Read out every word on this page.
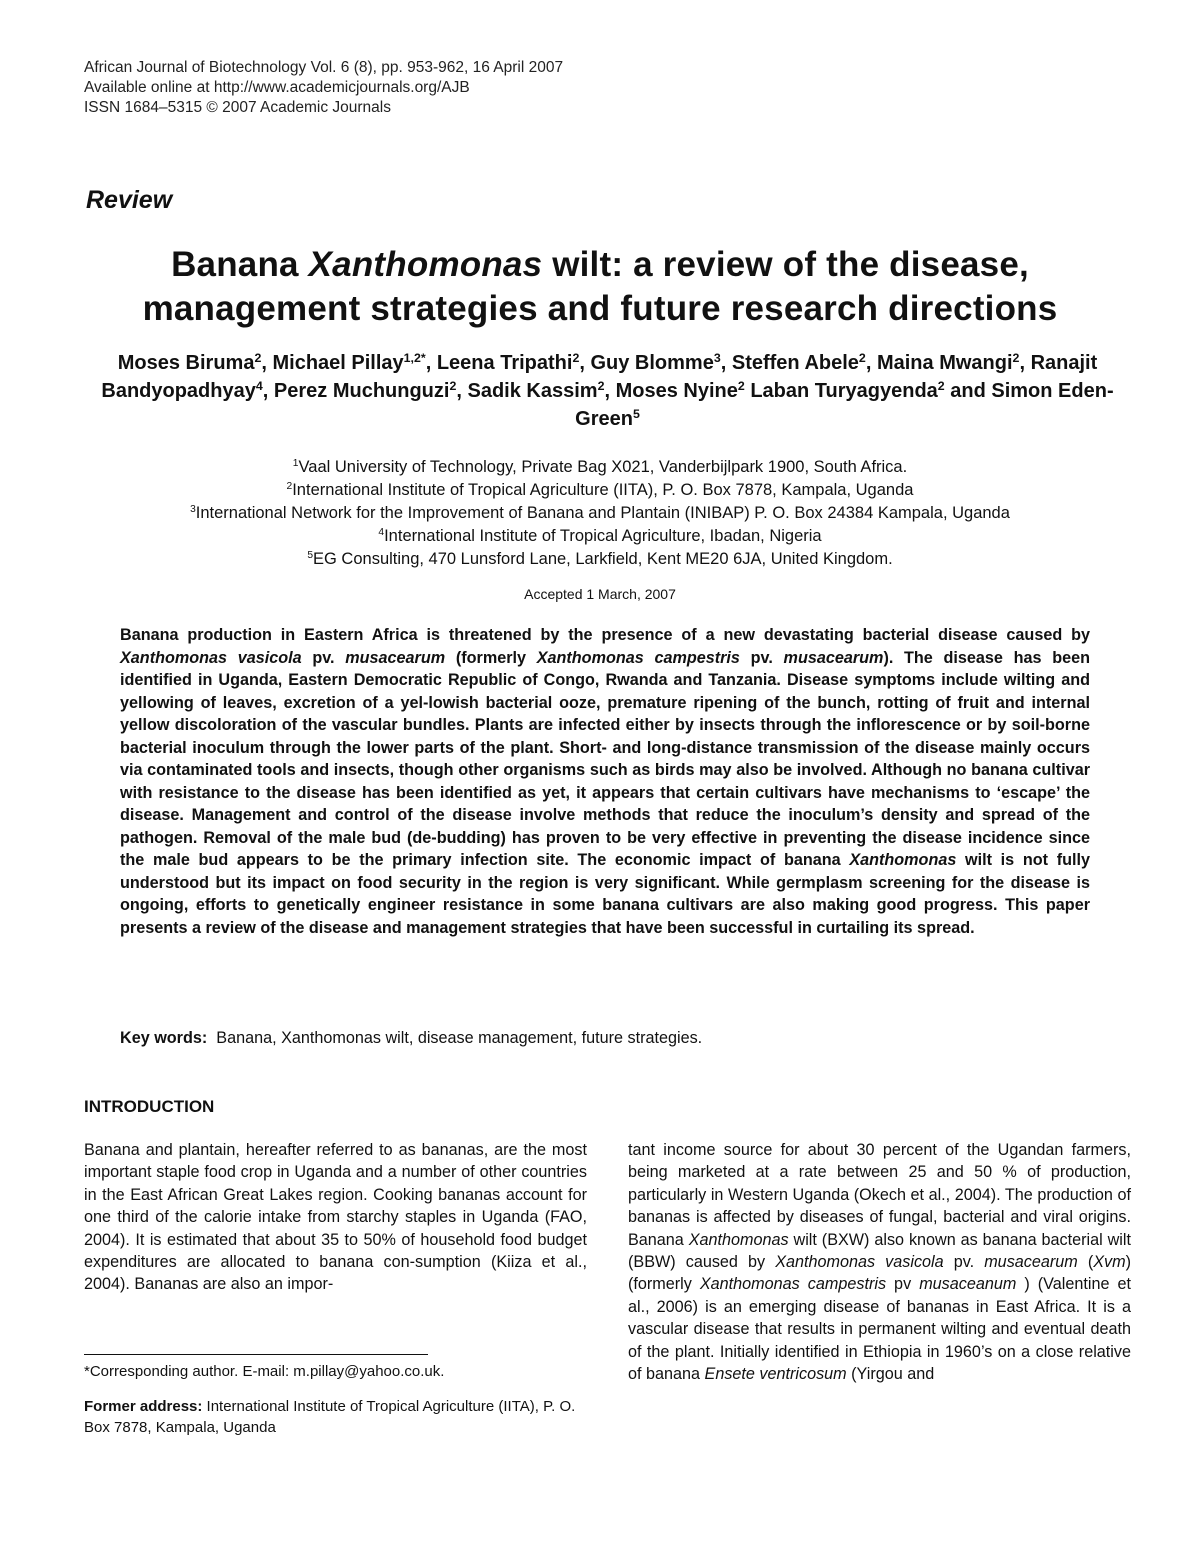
African Journal of Biotechnology Vol. 6 (8), pp. 953-962, 16 April 2007
Available online at http://www.academicjournals.org/AJB
ISSN 1684–5315 © 2007 Academic Journals
Review
Banana Xanthomonas wilt: a review of the disease, management strategies and future research directions
Moses Biruma$^2$, Michael Pillay$^{1,2*}$, Leena Tripathi$^2$, Guy Blomme$^3$, Steffen Abele$^2$, Maina Mwangi$^2$, Ranajit Bandyopadhyay$^4$, Perez Muchunguzi$^2$, Sadik Kassim$^2$, Moses Nyine$^2$ Laban Turyagyenda$^2$ and Simon Eden-Green$^5$
$^1$Vaal University of Technology, Private Bag X021, Vanderbijlpark 1900, South Africa.
$^2$International Institute of Tropical Agriculture (IITA), P. O. Box 7878, Kampala, Uganda
$^3$International Network for the Improvement of Banana and Plantain (INIBAP) P. O. Box 24384 Kampala, Uganda
$^4$International Institute of Tropical Agriculture, Ibadan, Nigeria
$^5$EG Consulting, 470 Lunsford Lane, Larkfield, Kent ME20 6JA, United Kingdom.
Accepted 1 March, 2007
Banana production in Eastern Africa is threatened by the presence of a new devastating bacterial disease caused by Xanthomonas vasicola pv. musacearum (formerly Xanthomonas campestris pv. musacearum). The disease has been identified in Uganda, Eastern Democratic Republic of Congo, Rwanda and Tanzania. Disease symptoms include wilting and yellowing of leaves, excretion of a yel-lowish bacterial ooze, premature ripening of the bunch, rotting of fruit and internal yellow discoloration of the vascular bundles. Plants are infected either by insects through the inflorescence or by soil-borne bacterial inoculum through the lower parts of the plant. Short- and long-distance transmission of the disease mainly occurs via contaminated tools and insects, though other organisms such as birds may also be involved. Although no banana cultivar with resistance to the disease has been identified as yet, it appears that certain cultivars have mechanisms to ‘escape’ the disease. Management and control of the disease involve methods that reduce the inoculum’s density and spread of the pathogen. Removal of the male bud (de-budding) has proven to be very effective in preventing the disease incidence since the male bud appears to be the primary infection site. The economic impact of banana Xanthomonas wilt is not fully understood but its impact on food security in the region is very significant. While germplasm screening for the disease is ongoing, efforts to genetically engineer resistance in some banana cultivars are also making good progress. This paper presents a review of the disease and management strategies that have been successful in curtailing its spread.
Key words: Banana, Xanthomonas wilt, disease management, future strategies.
INTRODUCTION
Banana and plantain, hereafter referred to as bananas, are the most important staple food crop in Uganda and a number of other countries in the East African Great Lakes region. Cooking bananas account for one third of the calorie intake from starchy staples in Uganda (FAO, 2004). It is estimated that about 35 to 50% of household food budget expenditures are allocated to banana con-sumption (Kiiza et al., 2004). Bananas are also an impor-
tant income source for about 30 percent of the Ugandan farmers, being marketed at a rate between 25 and 50 % of production, particularly in Western Uganda (Okech et al., 2004). The production of bananas is affected by diseases of fungal, bacterial and viral origins. Banana Xanthomonas wilt (BXW) also known as banana bacterial wilt (BBW) caused by Xanthomonas vasicola pv. musacearum (Xvm) (formerly Xanthomonas campestris pv musaceanum ) (Valentine et al., 2006) is an emerging disease of bananas in East Africa. It is a vascular disease that results in permanent wilting and eventual death of the plant. Initially identified in Ethiopia in 1960’s on a close relative of banana Ensete ventricosum (Yirgou and
*Corresponding author. E-mail: m.pillay@yahoo.co.uk.
Former address: International Institute of Tropical Agriculture (IITA), P. O. Box 7878, Kampala, Uganda
